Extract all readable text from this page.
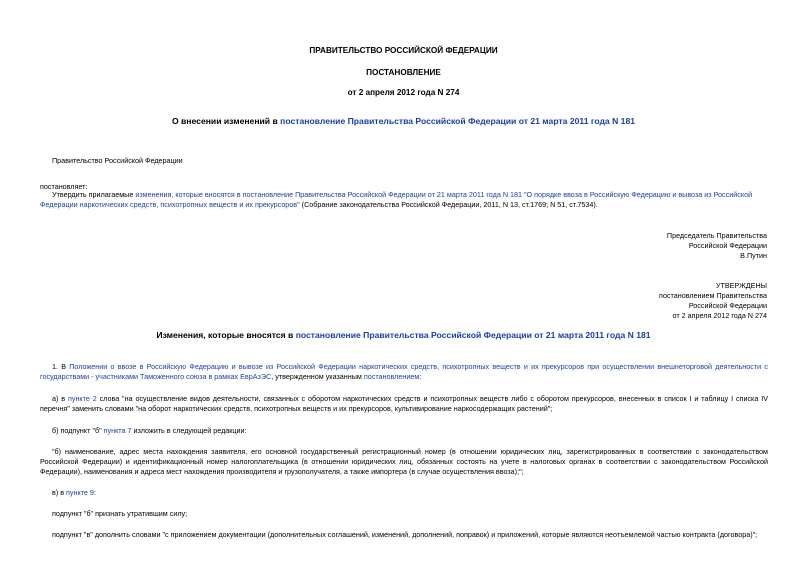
ПРАВИТЕЛЬСТВО РОССИЙСКОЙ ФЕДЕРАЦИИ
ПОСТАНОВЛЕНИЕ
от 2 апреля 2012 года N 274
О внесении изменений в постановление Правительства Российской Федерации от 21 марта 2011 года N 181
Правительство Российской Федерации
постановляет:
Утвердить прилагаемые изменения, которые вносятся в постановление Правительства Российской Федерации от 21 марта 2011 года N 181 "О порядке ввоза в Российскую Федерацию и вывоза из Российской Федерации наркотических средств, психотропных веществ и их прекурсоров" (Собрание законодательства Российской Федерации, 2011, N 13, ст.1769; N 51, ст.7534).
Председатель Правительства
Российской Федерации
В.Путин
УТВЕРЖДЕНЫ
постановлением Правительства
Российской Федерации
от 2 апреля 2012 года N 274
Изменения, которые вносятся в постановление Правительства Российской Федерации от 21 марта 2011 года N 181
1. В Положении о ввозе в Российскую Федерацию и вывозе из Российской Федерации наркотических средств, психотропных веществ и их прекурсоров при осуществлении внешнеторговой деятельности с государствами - участниками Таможенного союза в рамках ЕврАзЭС, утвержденном указанным постановлением:
а) в пункте 2 слова "на осуществление видов деятельности, связанных с оборотом наркотических средств и психотропных веществ либо с оборотом прекурсоров, внесенных в список I и таблицу I списка IV перечня" заменить словами "на оборот наркотических средств, психотропных веществ и их прекурсоров, культивирование наркосодержащих растений";
б) подпункт "б" пункта 7 изложить в следующей редакции:
"б) наименование, адрес места нахождения заявителя, его основной государственный регистрационный номер (в отношении юридических лиц, зарегистрированных в соответствии с законодательством Российской Федерации) и идентификационный номер налогоплательщика (в отношении юридических лиц, обязанных состоять на учете в налоговых органах в соответствии с законодательством Российской Федерации), наименования и адреса мест нахождения производителя и грузополучателя, а также импортера (в случае осуществления ввоза);";
в) в пункте 9:
подпункт "б" признать утратившим силу;
подпункт "в" дополнить словами "с приложением документации (дополнительных соглашений, изменений, дополнений, поправок) и приложений, которые являются неотъемлемой частью контракта (договора)";
